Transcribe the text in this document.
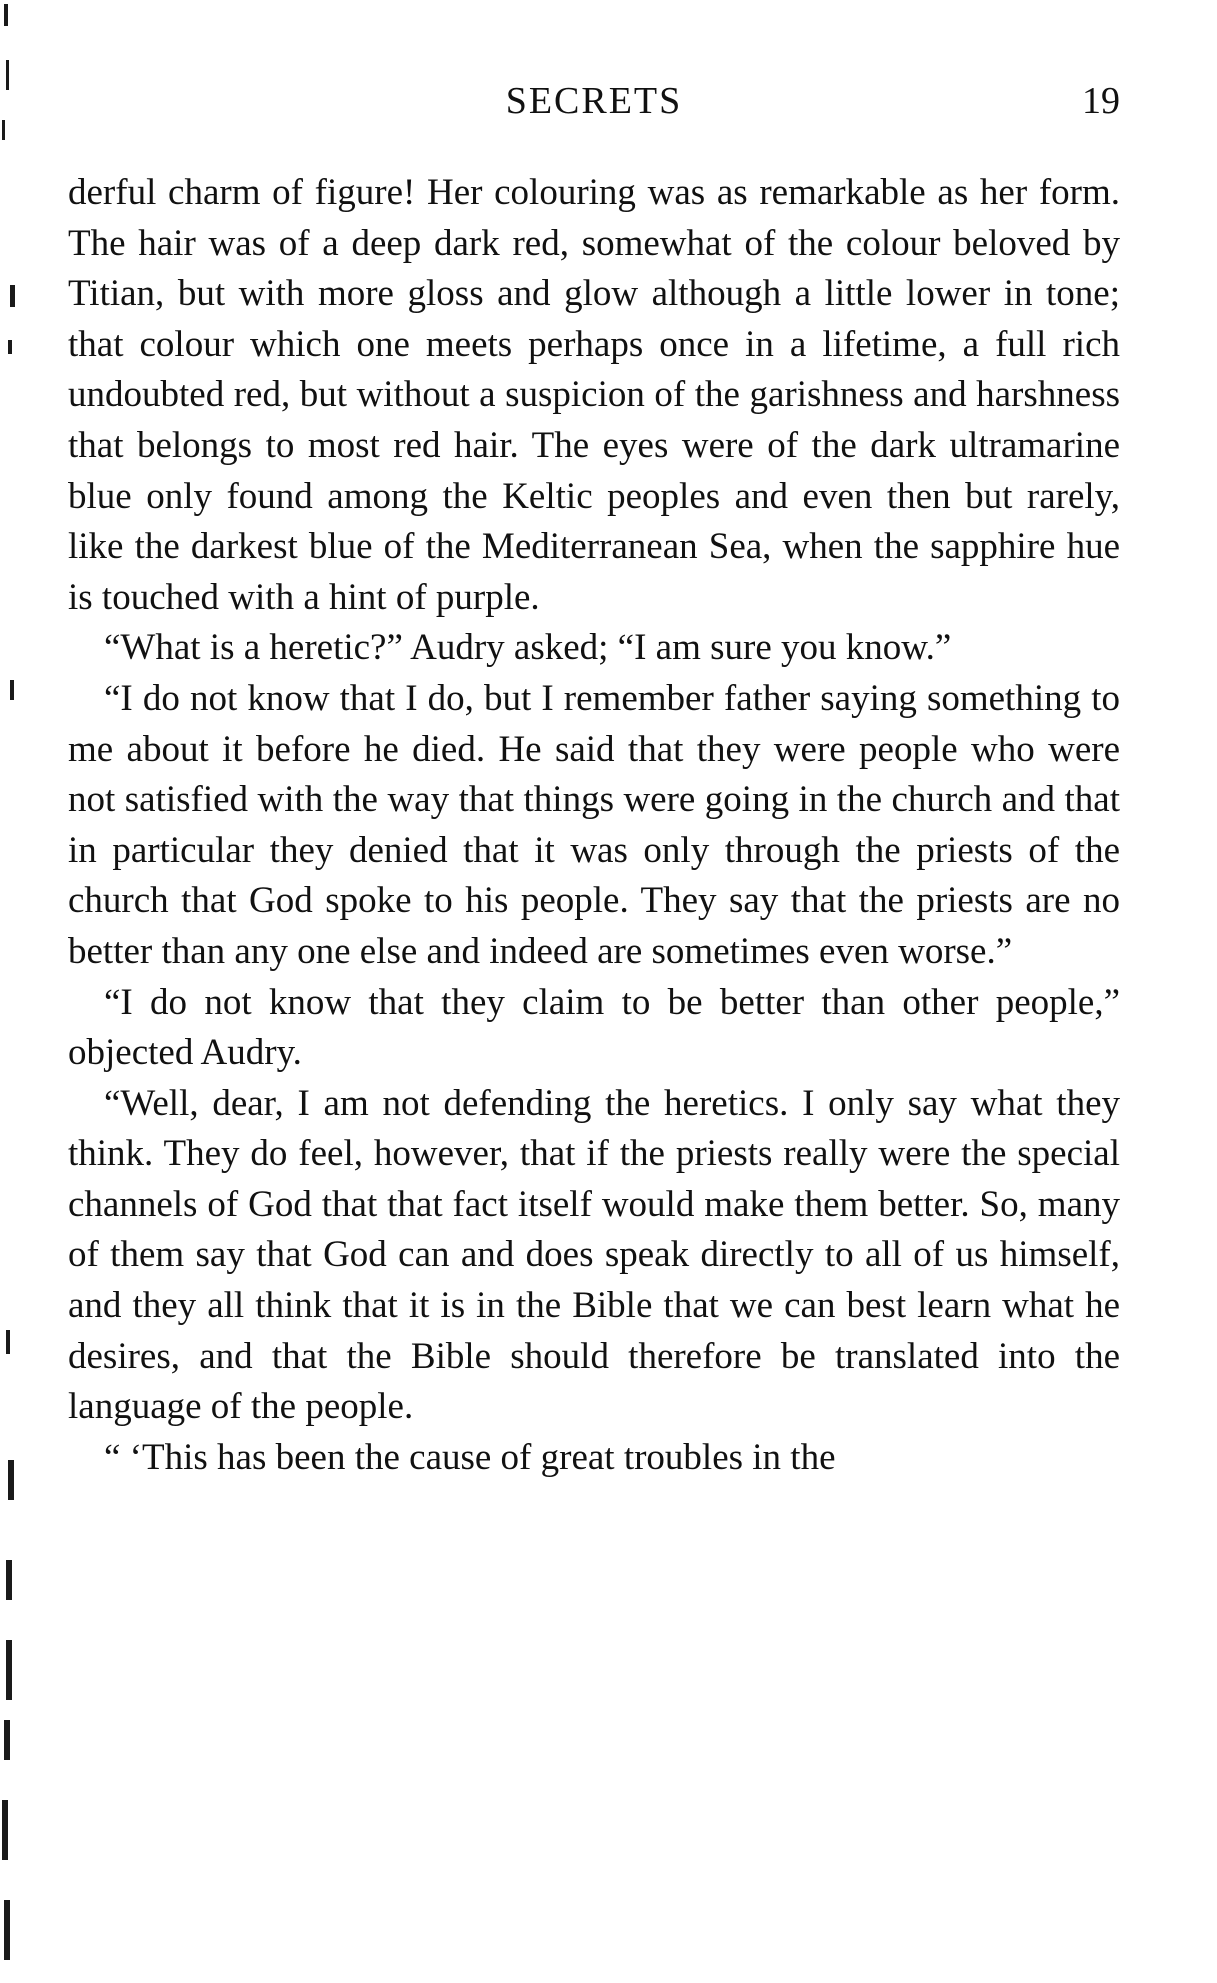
SECRETS	19

derful charm of figure! Her colouring was as remarkable as her form. The hair was of a deep dark red, somewhat of the colour beloved by Titian, but with more gloss and glow although a little lower in tone; that colour which one meets perhaps once in a lifetime, a full rich undoubted red, but without a suspicion of the garishness and harshness that belongs to most red hair. The eyes were of the dark ultramarine blue only found among the Keltic peoples and even then but rarely, like the darkest blue of the Mediterranean Sea, when the sapphire hue is touched with a hint of purple.

“What is a heretic?” Audry asked; “I am sure you know.”

“I do not know that I do, but I remember father saying something to me about it before he died. He said that they were people who were not satisfied with the way that things were going in the church and that in particular they denied that it was only through the priests of the church that God spoke to his people. They say that the priests are no better than any one else and indeed are sometimes even worse.”

“I do not know that they claim to be better than other people,” objected Audry.

“Well, dear, I am not defending the heretics. I only say what they think. They do feel, however, that if the priests really were the special channels of God that that fact itself would make them better. So, many of them say that God can and does speak directly to all of us himself, and they all think that it is in the Bible that we can best learn what he desires, and that the Bible should therefore be translated into the language of the people.

“ ‘This has been the cause of great troubles in the
